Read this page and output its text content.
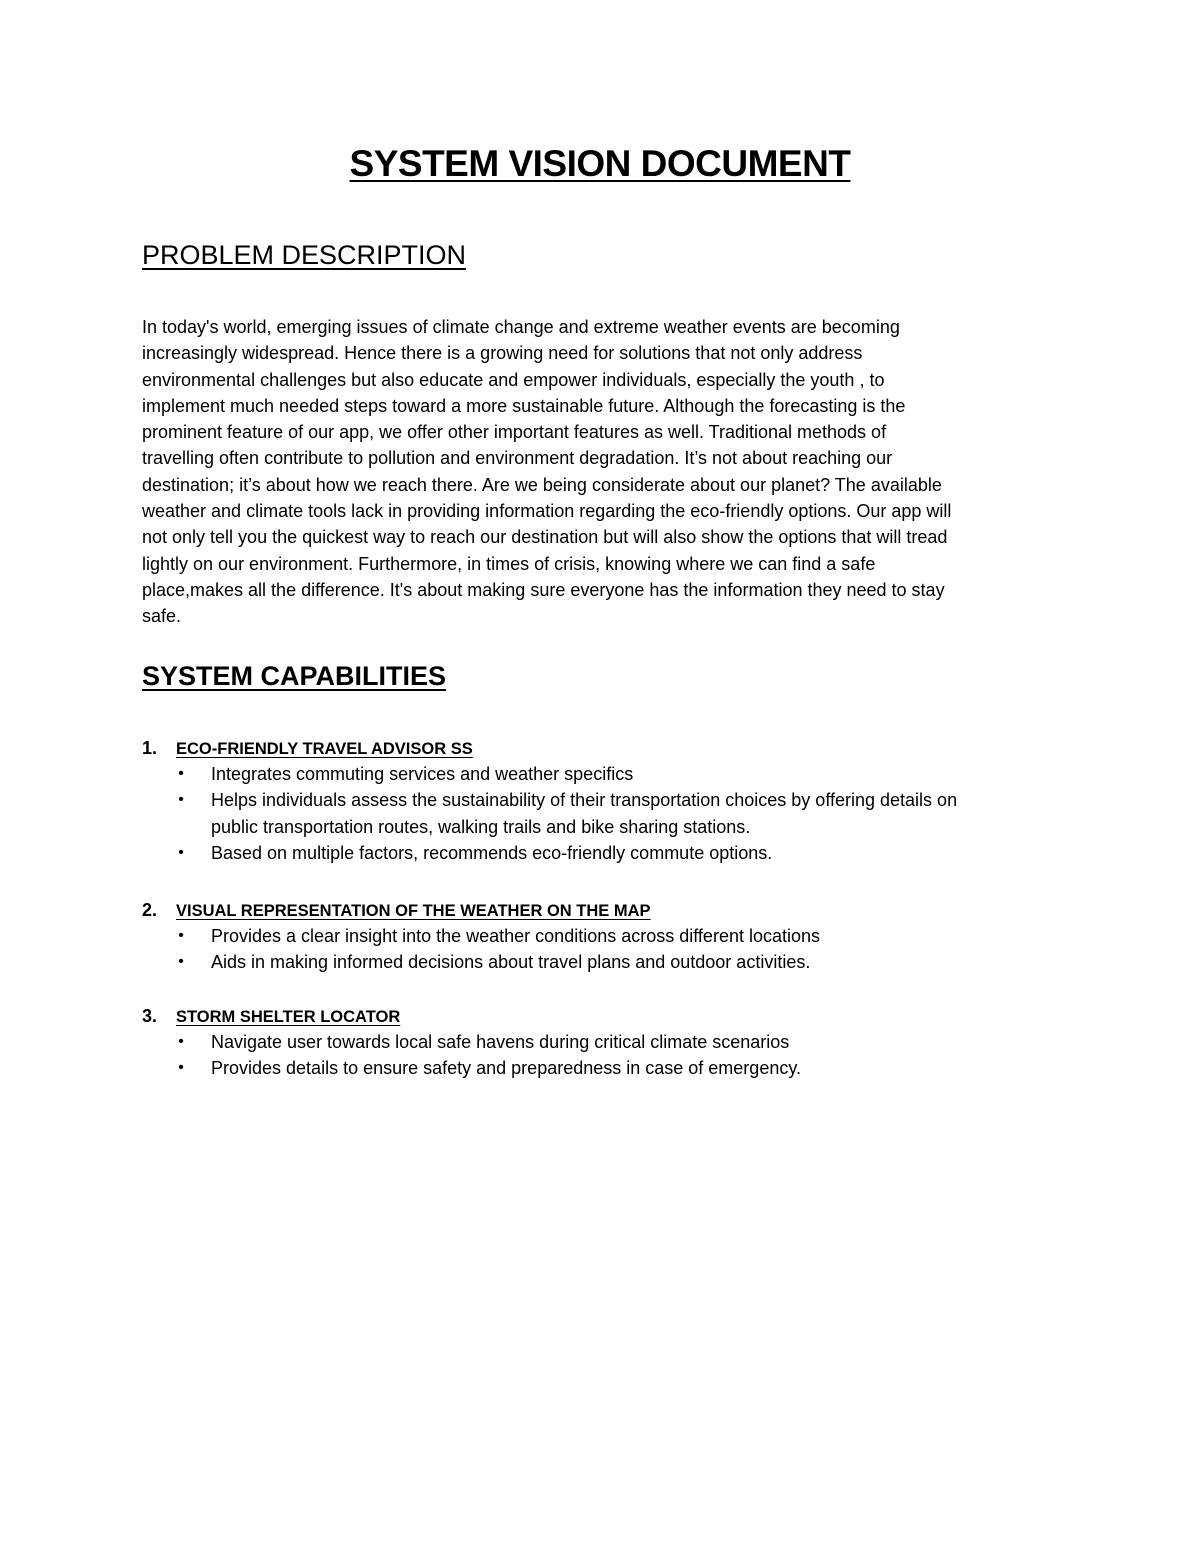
SYSTEM VISION DOCUMENT
PROBLEM DESCRIPTION

In today's world, emerging issues of climate change and extreme weather events are becoming
increasingly widespread. Hence there is a growing need for solutions that not only address
environmental challenges but also educate and empower individuals, especially the youth , to
implement much needed steps toward a more sustainable future. Although the forecasting is the
prominent feature of our app, we offer other important features as well. Traditional methods of
travelling often contribute to pollution and environment degradation. It’s not about reaching our
destination; it’s about how we reach there. Are we being considerate about our planet? The available
weather and climate tools lack in providing information regarding the eco-friendly options. Our app will
not only tell you the quickest way to reach our destination but will also show the options that will tread
lightly on our environment. Furthermore, in times of crisis, knowing where we can find a safe
place,makes all the difference. It's about making sure everyone has the information they need to stay
safe.

SYSTEM CAPABILITIES
1.	ECO-FRIENDLY TRAVEL ADVISOR SS
• Integrates commuting services and weather specifics
• Helps individuals assess the sustainability of their transportation choices by offering details on
public transportation routes, walking trails and bike sharing stations.
• Based on multiple factors, recommends eco-friendly commute options.
2.	VISUAL REPRESENTATION OF THE WEATHER ON THE MAP
• Provides a clear insight into the weather conditions across different locations
• Aids in making informed decisions about travel plans and outdoor activities.
3.	STORM SHELTER LOCATOR
• Navigate user towards local safe havens during critical climate scenarios
• Provides details to ensure safety and preparedness in case of emergency.
